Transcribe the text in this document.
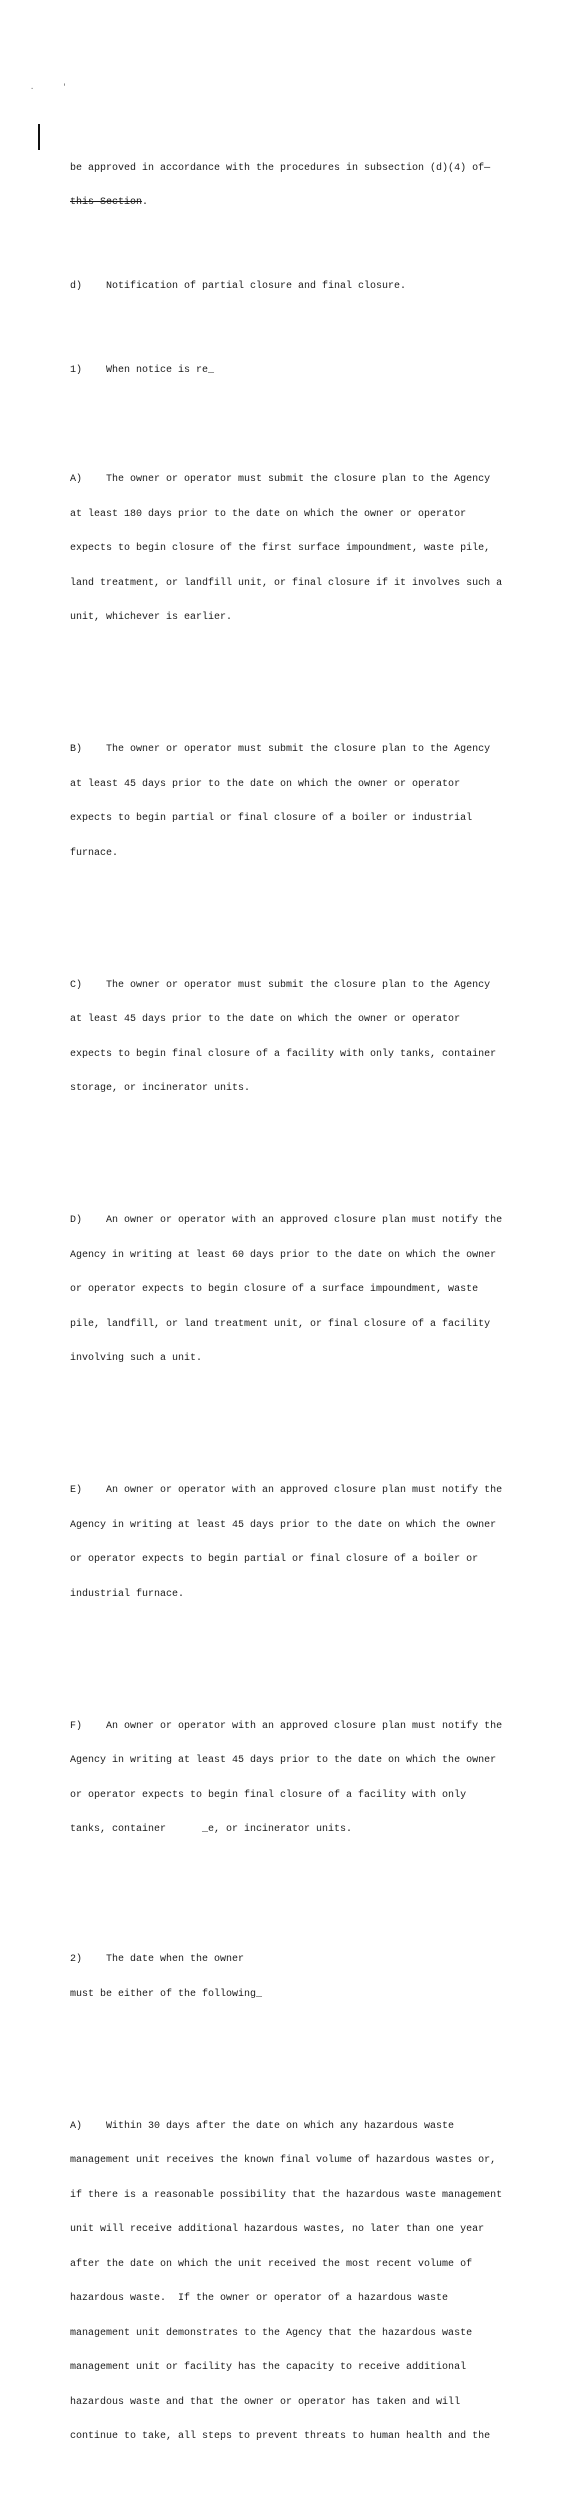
. '

be approved in accordance with the procedures in subsection (d)(4) of—

this Section.

d)    Notification of partial closure and final closure.

1)    When notice is re_

A)    The owner or operator must submit the closure plan to the Agency

at least 180 days prior to the date on which the owner or operator

expects to begin closure of the first surface impoundment, waste pile,

land treatment, or landfill unit, or final closure if it involves such a

unit, whichever is earlier.

B)    The owner or operator must submit the closure plan to the Agency

at least 45 days prior to the date on which the owner or operator

expects to begin partial or final closure of a boiler or industrial

furnace.

C)    The owner or operator must submit the closure plan to the Agency

at least 45 days prior to the date on which the owner or operator

expects to begin final closure of a facility with only tanks, container

storage, or incinerator units.

D)    An owner or operator with an approved closure plan must notify the

Agency in writing at least 60 days prior to the date on which the owner

or operator expects to begin closure of a surface impoundment, waste

pile, landfill, or land treatment unit, or final closure of a facility

involving such a unit.

E)    An owner or operator with an approved closure plan must notify the

Agency in writing at least 45 days prior to the date on which the owner

or operator expects to begin partial or final closure of a boiler or

industrial furnace.

F)    An owner or operator with an approved closure plan must notify the

Agency in writing at least 45 days prior to the date on which the owner

or operator expects to begin final closure of a facility with only

tanks, container      _e, or incinerator units.

2)    The date when the owner

must be either of the following_

A)    Within 30 days after the date on which any hazardous waste

management unit receives the known final volume of hazardous wastes or,

if there is a reasonable possibility that the hazardous waste management

unit will receive additional hazardous wastes, no later than one year

after the date on which the unit received the most recent volume of

hazardous waste.  If the owner or operator of a hazardous waste

management unit demonstrates to the Agency that the hazardous waste

management unit or facility has the capacity to receive additional

hazardous waste and that the owner or operator has taken and will

continue to take, all steps to prevent threats to human health and the
